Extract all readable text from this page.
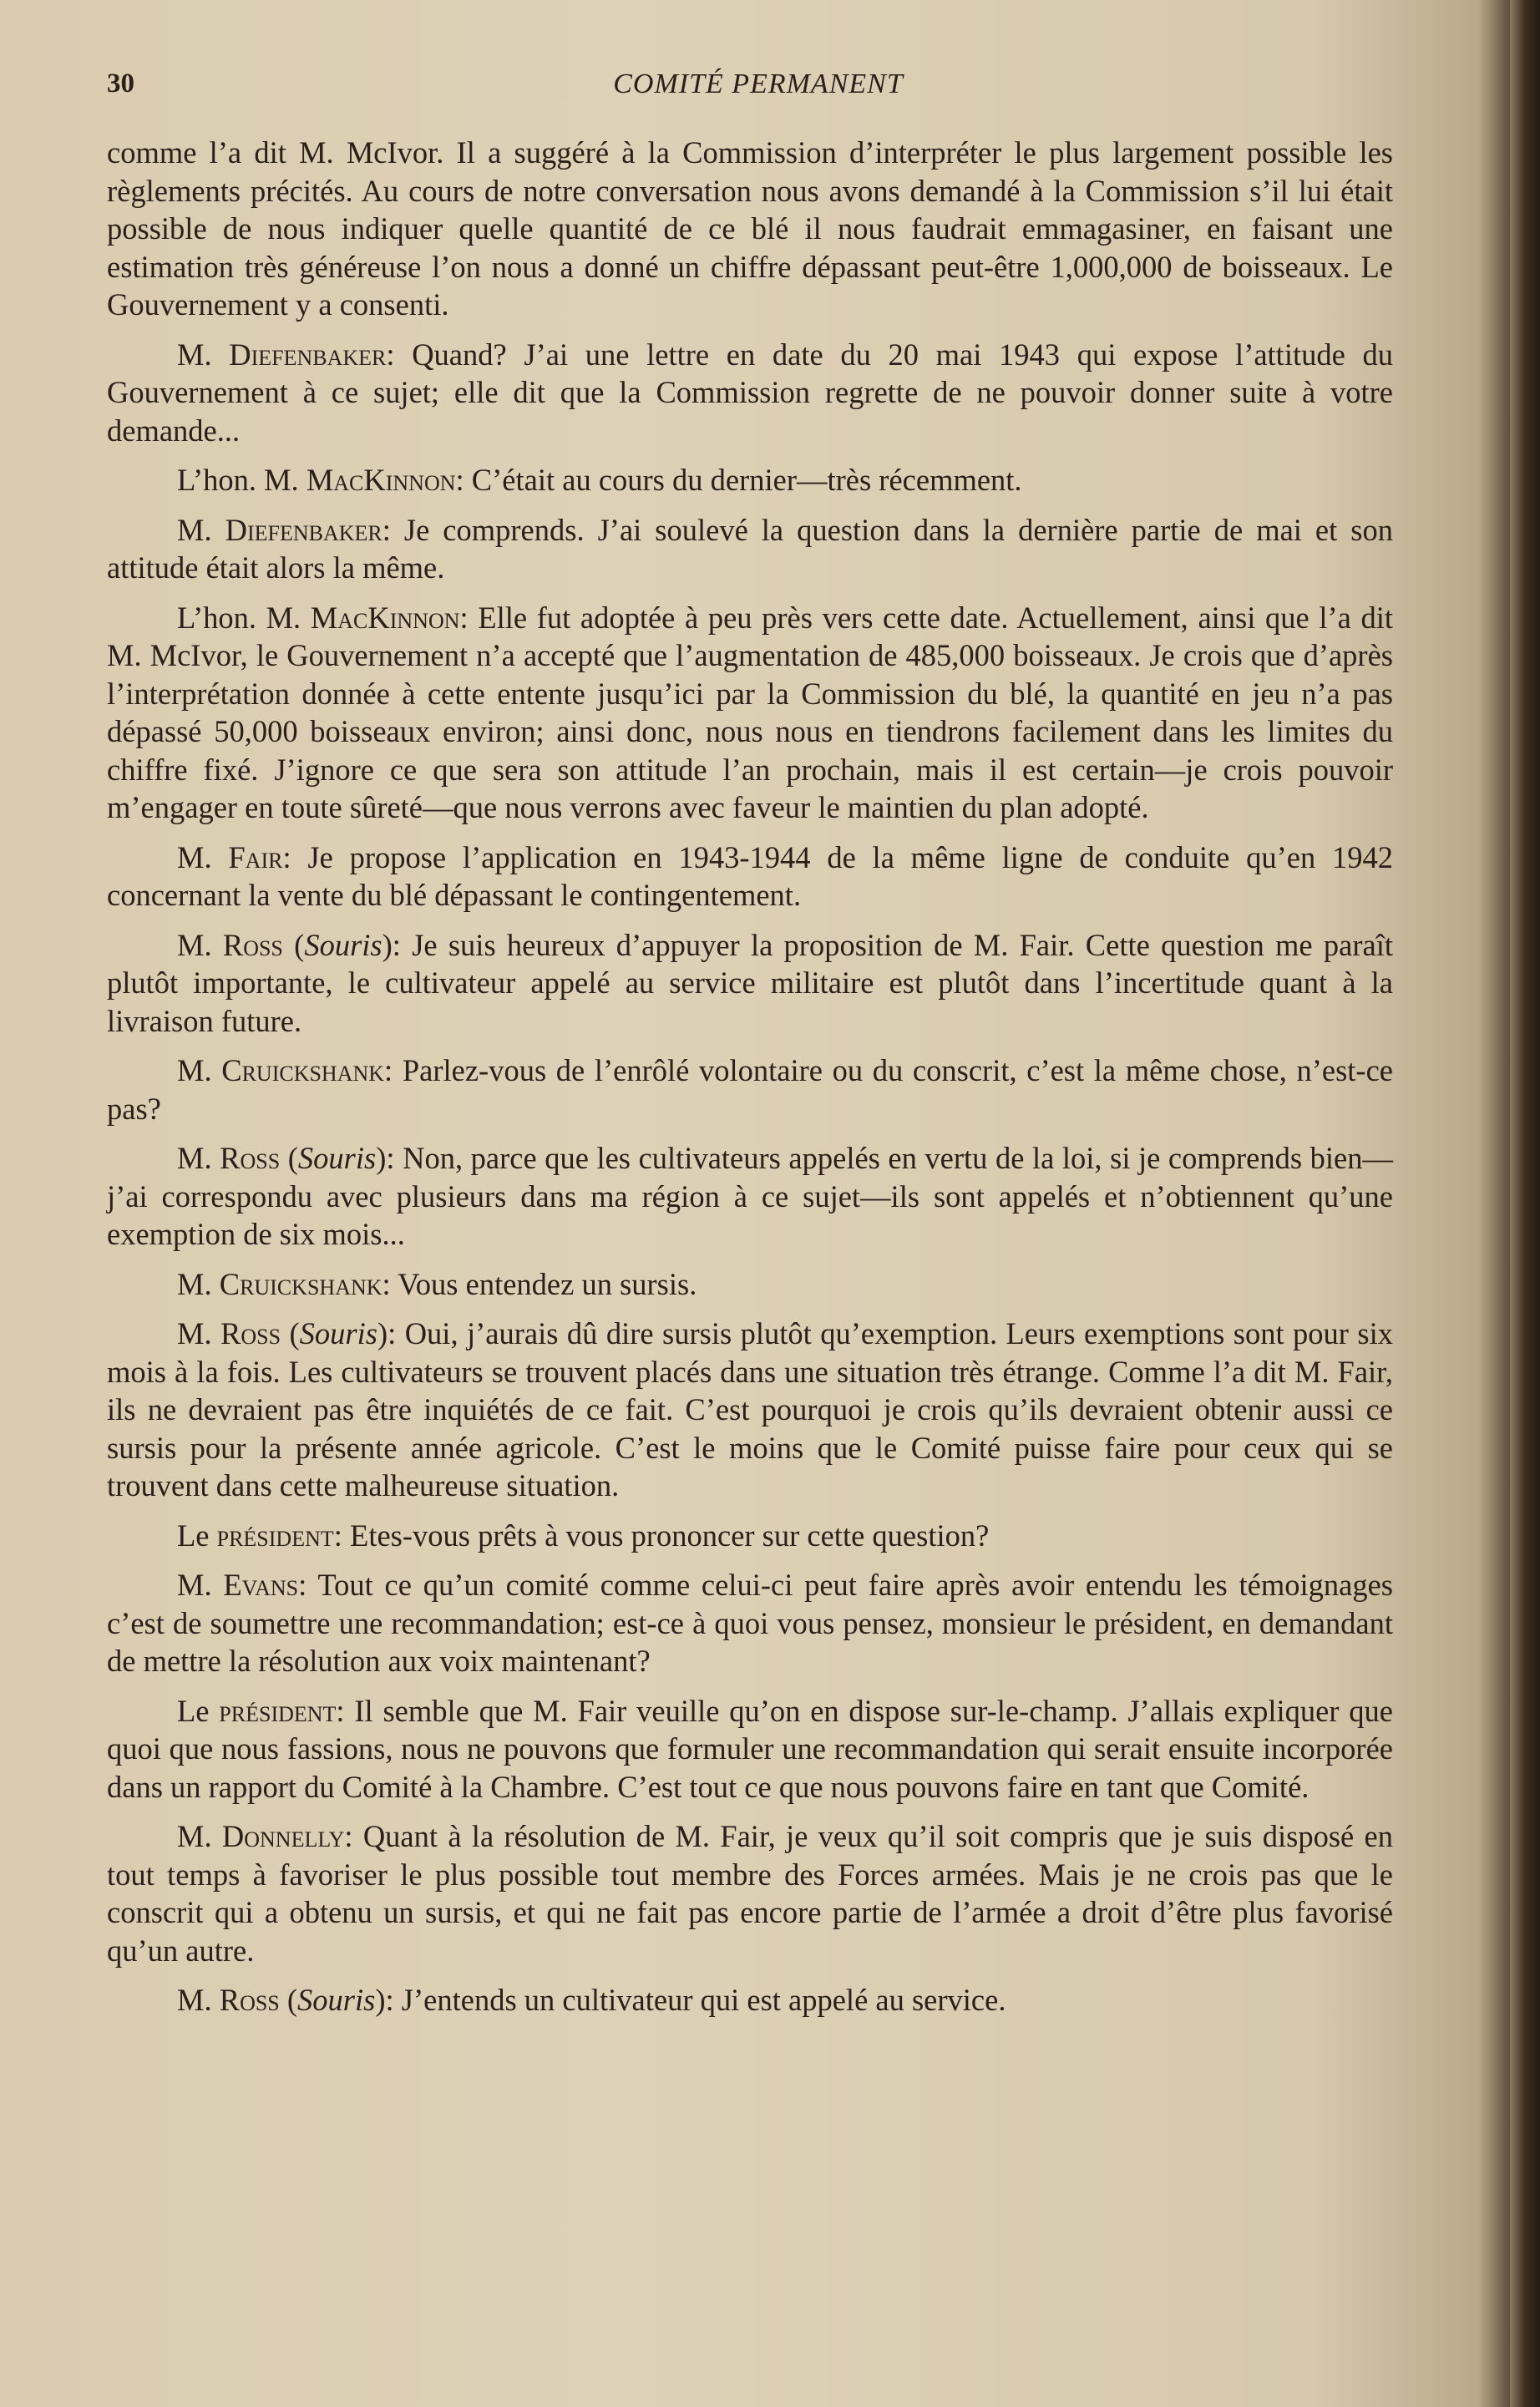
30	COMITÉ PERMANENT

comme l’a dit M. McIvor. Il a suggéré à la Commission d’interpréter le plus largement possible les règlements précités. Au cours de notre conversation nous avons demandé à la Commission s’il lui était possible de nous indiquer quelle quantité de ce blé il nous faudrait emmagasiner, en faisant une estimation très généreuse l’on nous a donné un chiffre dépassant peut-être 1,000,000 de boisseaux. Le Gouvernement y a consenti.

M. Diefenbaker: Quand? J’ai une lettre en date du 20 mai 1943 qui expose l’attitude du Gouvernement à ce sujet; elle dit que la Commission regrette de ne pouvoir donner suite à votre demande...

L’hon. M. MacKinnon: C’était au cours du dernier—très récemment.

M. Diefenbaker: Je comprends. J’ai soulevé la question dans la dernière partie de mai et son attitude était alors la même.

L’hon. M. MacKinnon: Elle fut adoptée à peu près vers cette date. Actuellement, ainsi que l’a dit M. McIvor, le Gouvernement n’a accepté que l’augmentation de 485,000 boisseaux. Je crois que d’après l’interprétation donnée à cette entente jusqu’ici par la Commission du blé, la quantité en jeu n’a pas dépassé 50,000 boisseaux environ; ainsi donc, nous nous en tiendrons facilement dans les limites du chiffre fixé. J’ignore ce que sera son attitude l’an prochain, mais il est certain—je crois pouvoir m’engager en toute sûreté—que nous verrons avec faveur le maintien du plan adopté.

M. Fair: Je propose l’application en 1943-1944 de la même ligne de conduite qu’en 1942 concernant la vente du blé dépassant le contingentement.

M. Ross (Souris): Je suis heureux d’appuyer la proposition de M. Fair. Cette question me paraît plutôt importante, le cultivateur appelé au service militaire est plutôt dans l’incertitude quant à la livraison future.

M. Cruickshank: Parlez-vous de l’enrôlé volontaire ou du conscrit, c’est la même chose, n’est-ce pas?

M. Ross (Souris): Non, parce que les cultivateurs appelés en vertu de la loi, si je comprends bien—j’ai correspondu avec plusieurs dans ma région à ce sujet—ils sont appelés et n’obtiennent qu’une exemption de six mois...

M. Cruickshank: Vous entendez un sursis.

M. Ross (Souris): Oui, j’aurais dû dire sursis plutôt qu’exemption. Leurs exemptions sont pour six mois à la fois. Les cultivateurs se trouvent placés dans une situation très étrange. Comme l’a dit M. Fair, ils ne devraient pas être inquiétés de ce fait. C’est pourquoi je crois qu’ils devraient obtenir aussi ce sursis pour la présente année agricole. C’est le moins que le Comité puisse faire pour ceux qui se trouvent dans cette malheureuse situation.

Le président: Etes-vous prêts à vous prononcer sur cette question?

M. Evans: Tout ce qu’un comité comme celui-ci peut faire après avoir entendu les témoignages c’est de soumettre une recommandation; est-ce à quoi vous pensez, monsieur le président, en demandant de mettre la résolution aux voix maintenant?

Le président: Il semble que M. Fair veuille qu’on en dispose sur-le-champ. J’allais expliquer que quoi que nous fassions, nous ne pouvons que formuler une recommandation qui serait ensuite incorporée dans un rapport du Comité à la Chambre. C’est tout ce que nous pouvons faire en tant que Comité.

M. Donnelly: Quant à la résolution de M. Fair, je veux qu’il soit compris que je suis disposé en tout temps à favoriser le plus possible tout membre des Forces armées. Mais je ne crois pas que le conscrit qui a obtenu un sursis, et qui ne fait pas encore partie de l’armée a droit d’être plus favorisé qu’un autre.

M. Ross (Souris): J’entends un cultivateur qui est appelé au service.
